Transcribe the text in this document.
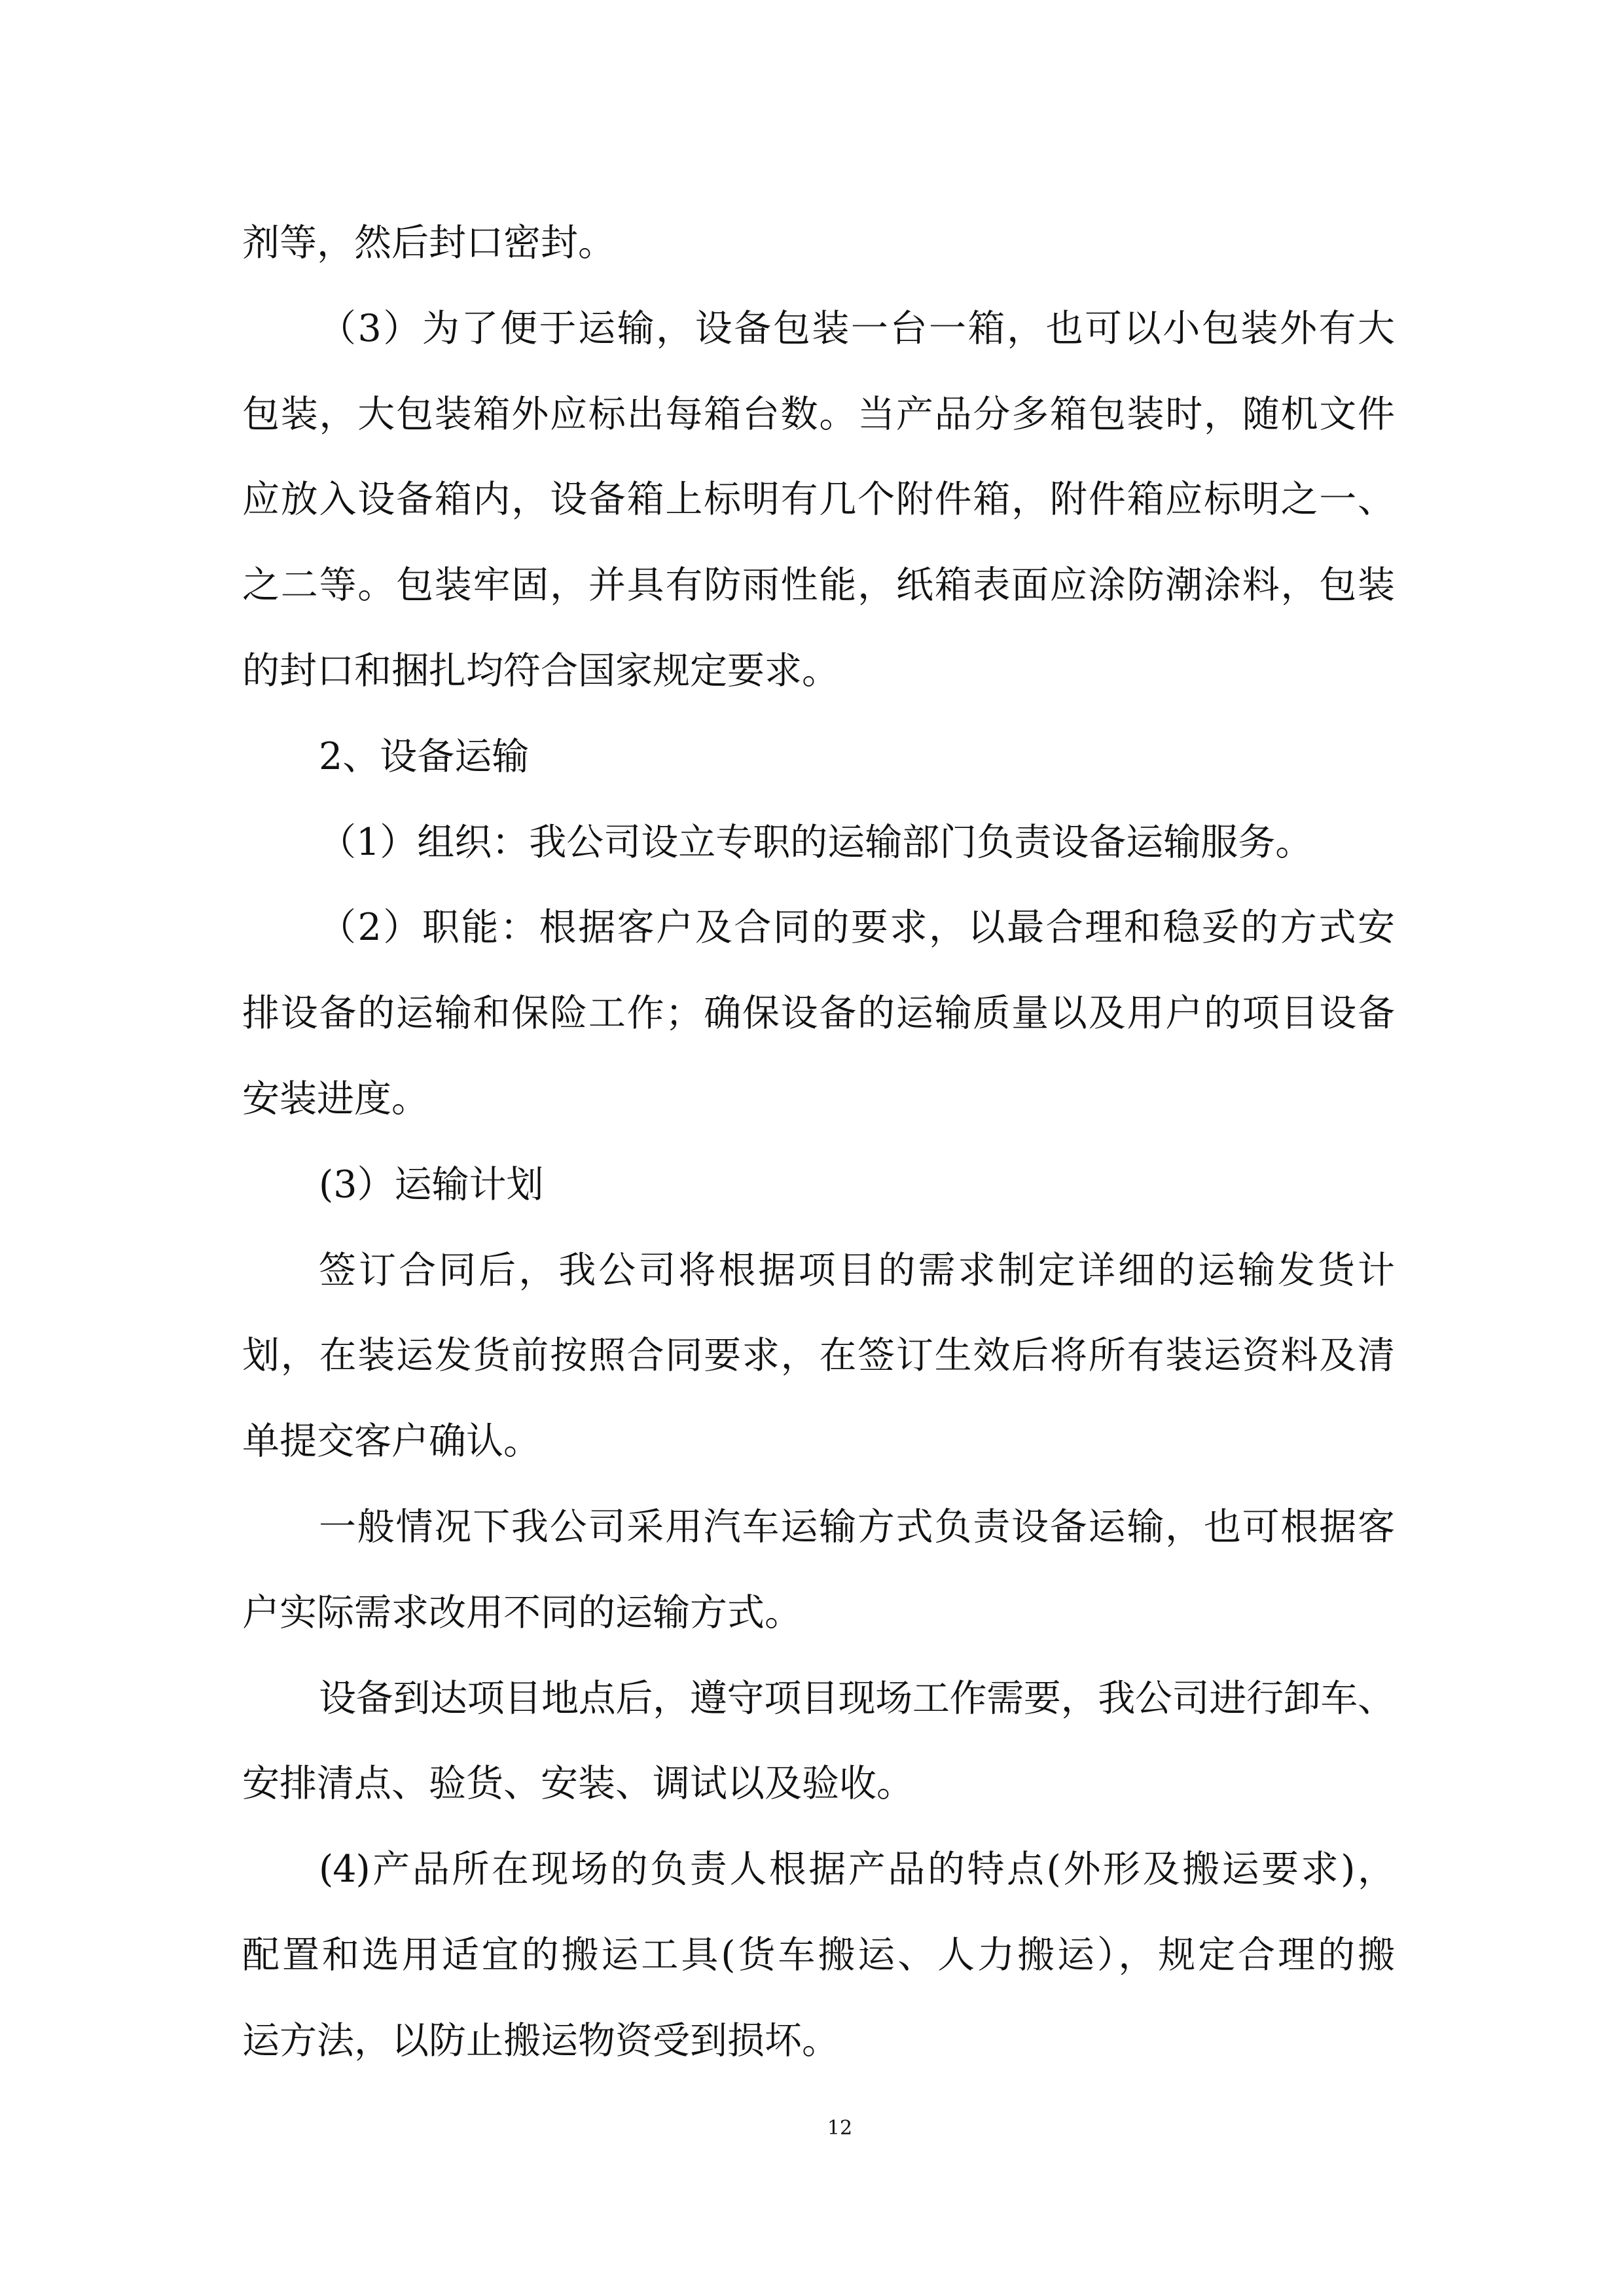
剂等，然后封口密封。
（3）为了便于运输，设备包装一台一箱，也可以小包装外有大
包装，大包装箱外应标出每箱台数。当产品分多箱包装时，随机文件
应放入设备箱内，设备箱上标明有几个附件箱，附件箱应标明之一、
之二等。包装牢固，并具有防雨性能，纸箱表面应涂防潮涂料，包装
的封口和捆扎均符合国家规定要求。
2、设备运输
（1）组织：我公司设立专职的运输部门负责设备运输服务。
（2）职能：根据客户及合同的要求，以最合理和稳妥的方式安
排设备的运输和保险工作；确保设备的运输质量以及用户的项目设备
安装进度。
(3）运输计划
签订合同后，我公司将根据项目的需求制定详细的运输发货计
划，在装运发货前按照合同要求，在签订生效后将所有装运资料及清
单提交客户确认。
一般情况下我公司采用汽车运输方式负责设备运输，也可根据客
户实际需求改用不同的运输方式。
设备到达项目地点后，遵守项目现场工作需要，我公司进行卸车、
安排清点、验货、安装、调试以及验收。
(4)产品所在现场的负责人根据产品的特点(外形及搬运要求)，
配置和选用适宜的搬运工具(货车搬运、人力搬运），规定合理的搬
运方法，以防止搬运物资受到损坏。
12
